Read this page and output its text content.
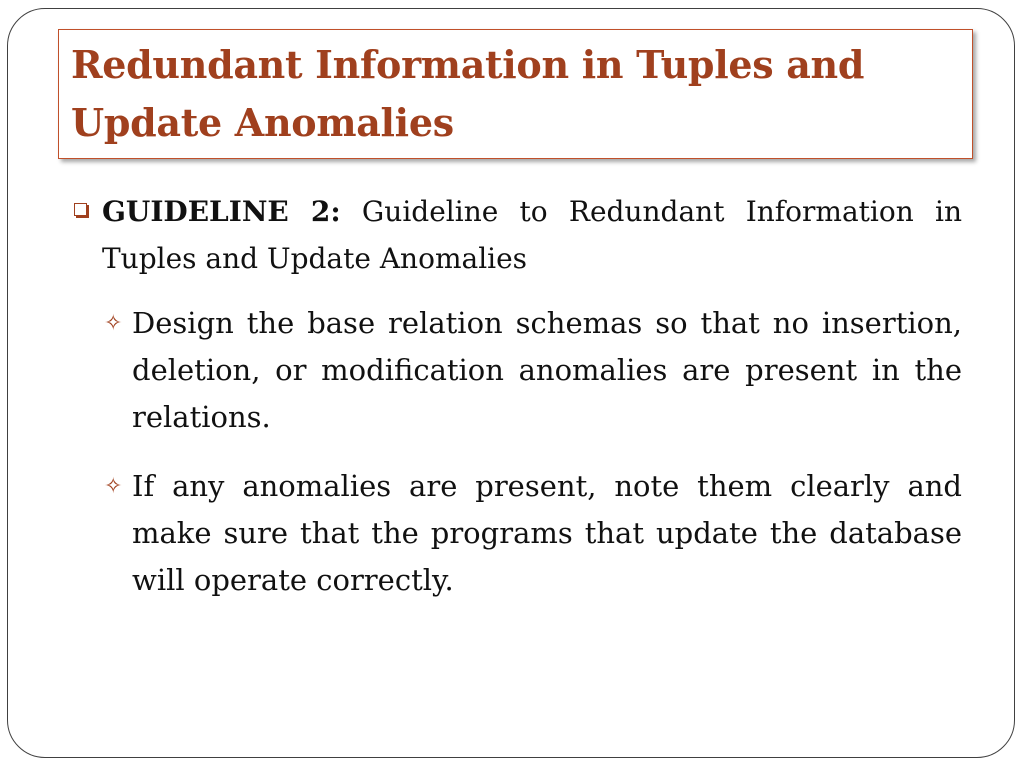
Redundant Information in Tuples and Update Anomalies
GUIDELINE 2: Guideline to Redundant Information in Tuples and Update Anomalies
✧ Design the base relation schemas so that no insertion, deletion, or modification anomalies are present in the relations.
✧ If any anomalies are present, note them clearly and make sure that the programs that update the database will operate correctly.
